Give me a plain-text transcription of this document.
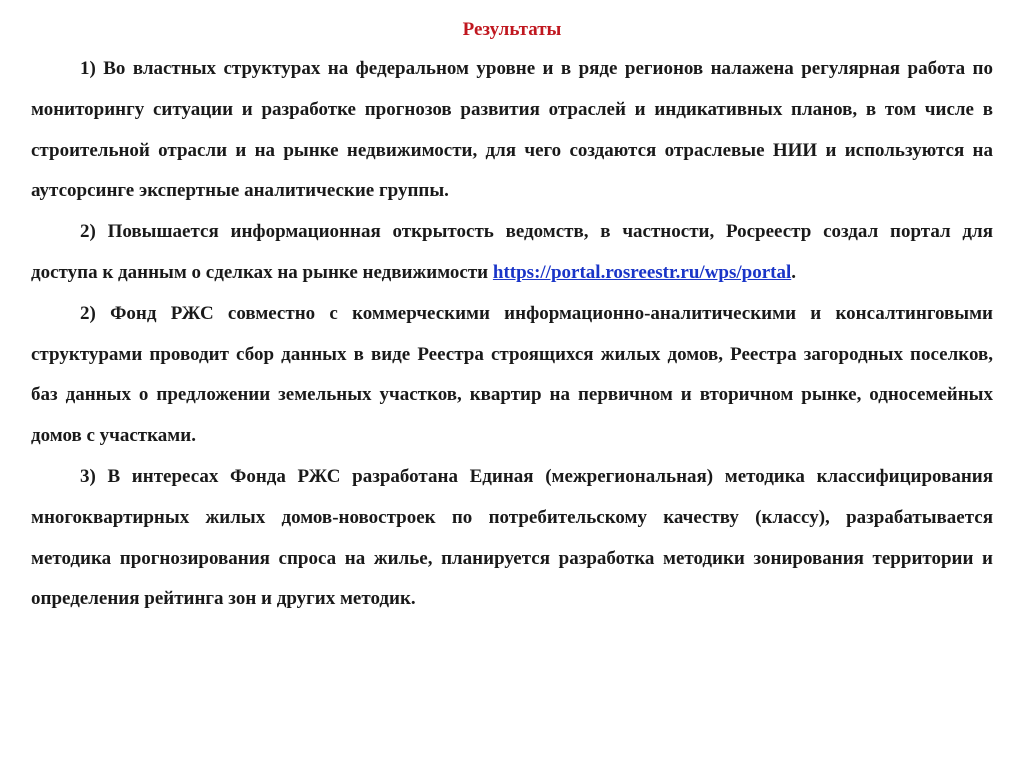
Результаты

1) Во властных структурах на федеральном уровне и в ряде регионов налажена регулярная работа по мониторингу ситуации и разработке прогнозов развития отраслей и индикативных планов, в том числе в строительной отрасли и на рынке недвижимости, для чего создаются отраслевые НИИ и используются на аутсорсинге экспертные аналитические группы.

2) Повышается информационная открытость ведомств, в частности, Росреестр создал портал для доступа к данным о сделках на рынке недвижимости https://portal.rosreestr.ru/wps/portal.

2) Фонд РЖС совместно с коммерческими информационно-аналитическими и консалтинговыми структурами проводит сбор данных в виде Реестра строящихся жилых домов, Реестра загородных поселков, баз данных о предложении земельных участков, квартир на первичном и вторичном рынке, односемейных домов с участками.

3) В интересах Фонда РЖС разработана Единая (межрегиональная) методика классифицирования многоквартирных жилых домов-новостроек по потребительскому качеству (классу), разрабатывается методика прогнозирования спроса на жилье, планируется разработка методики зонирования территории и определения рейтинга зон и других методик.
